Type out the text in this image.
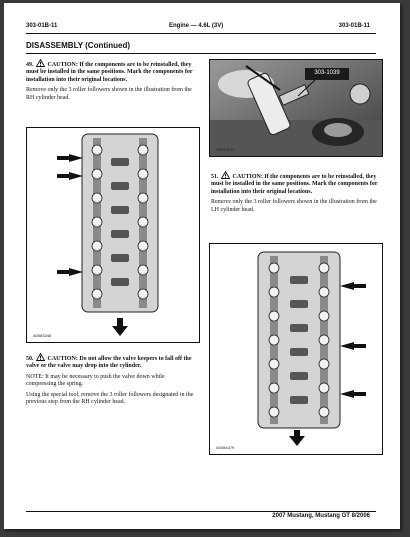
303-01B-11	Engine — 4.6L (3V)	303-01B-11
DISASSEMBLY (Continued)

49. CAUTION: If the components are to be reinstalled, they must be installed in the same positions. Mark the components for installation into their original locations.

Remove only the 3 roller followers shown in the illustration from the RH cylinder head.

303-1039
N0010211
A0083248

51. CAUTION: If the components are to be reinstalled, they must be installed in the same positions. Mark the components for installation into their original locations.

Remove only the 3 roller followers shown in the illustration from the LH cylinder head.

50. CAUTION: Do not allow the valve keepers to fall off the valve or the valve may drop into the cylinder.

NOTE: It may be necessary to push the valve down while compressing the spring.

Using the special tool, remove the 3 roller followers designated in the previous step from the RH cylinder head.

A0084479
2007 Mustang, Mustang GT 8/2006
